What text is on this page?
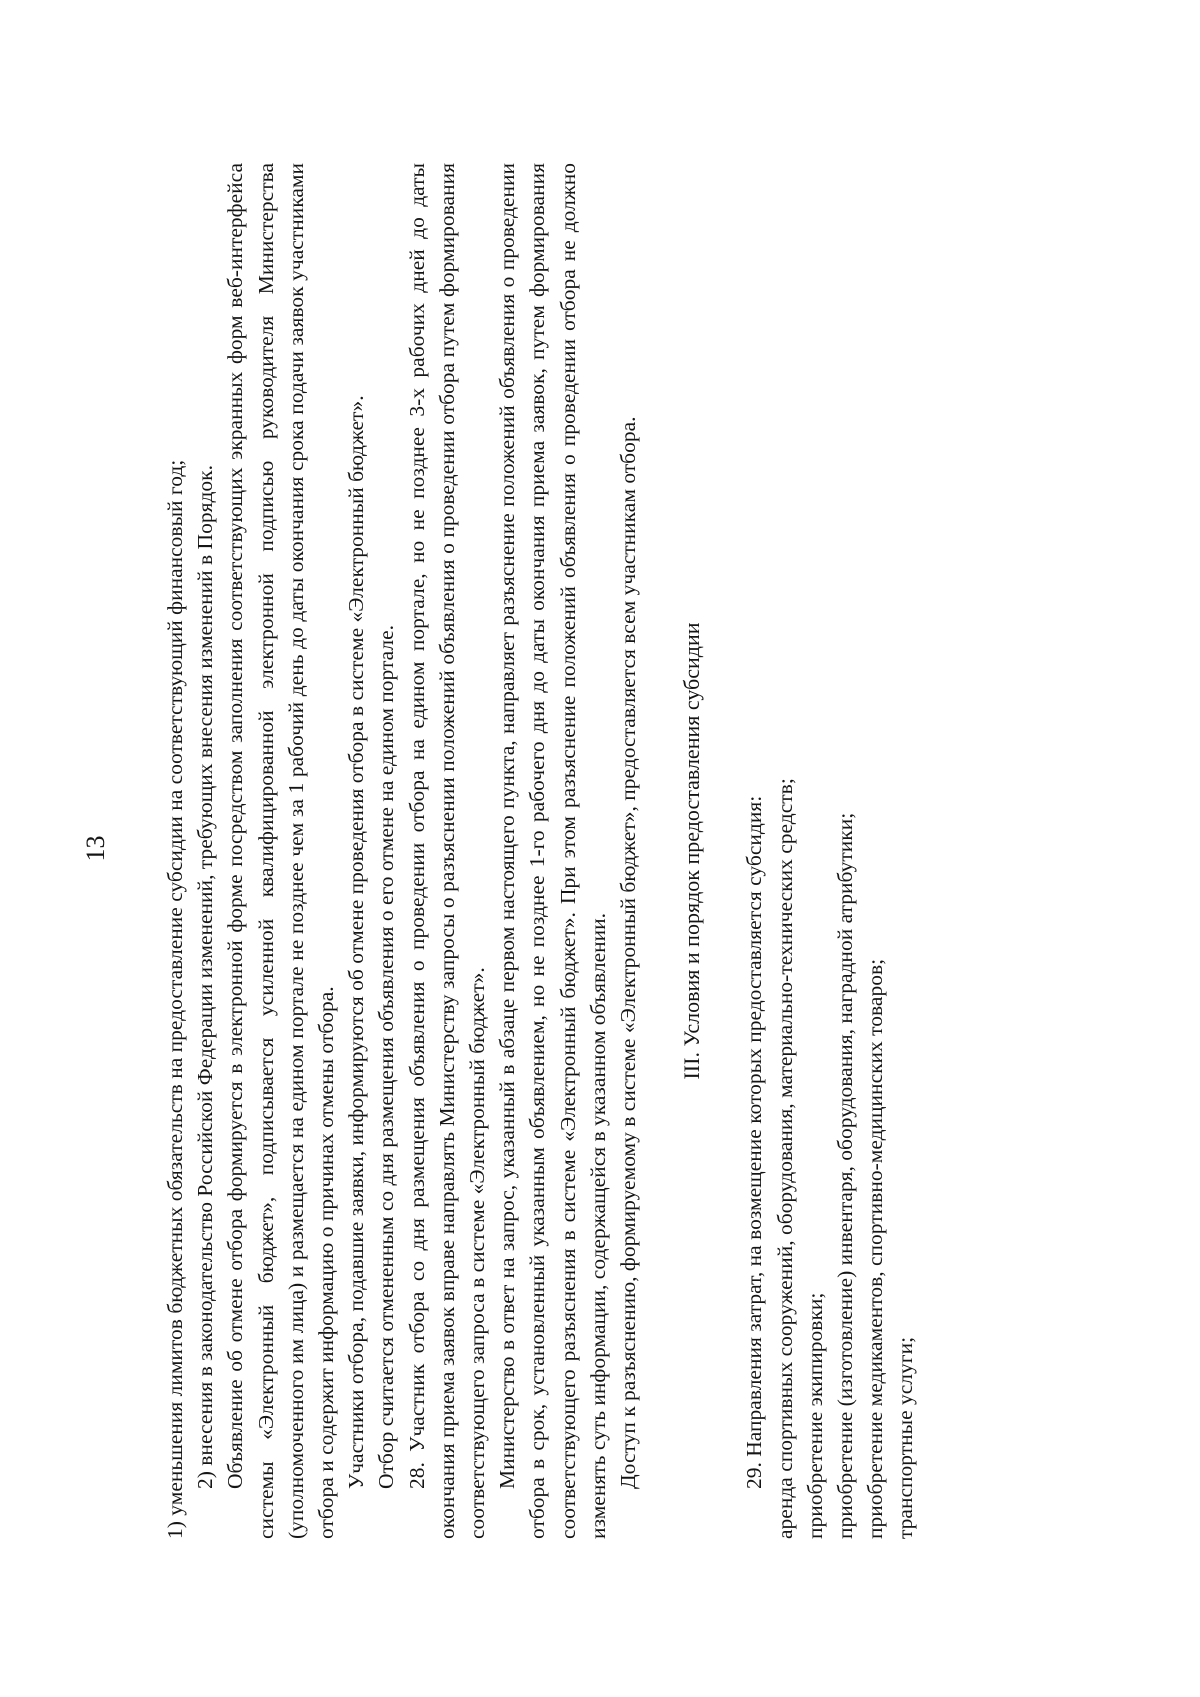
13 1) уменьшения лимитов бюджетных обязательств на предоставление субсидии на соответствующий финансовый год; 2) внесения в законодательство Российской Федерации изменений, требующих внесения изменений в Порядок. Объявление об отмене отбора формируется в электронной форме посредством заполнения соответствующих экранных форм веб-интерфейса системы «Электронный бюджет», подписывается усиленной квалифицированной электронной подписью руководителя Министерства (уполномоченного им лица) и размещается на едином портале не позднее чем за 1 рабочий день до даты окончания срока подачи заявок участниками отбора и содержит информацию о причинах отмены отбора. Участники отбора, подавшие заявки, информируются об отмене проведения отбора в системе «Электронный бюджет». Отбор считается отмененным со дня размещения объявления о его отмене на едином портале. 28. Участник отбора со дня размещения объявления о проведении отбора на едином портале, но не позднее 3-х рабочих дней до даты окончания приема заявок вправе направлять Министерству запросы о разъяснении положений объявления о проведении отбора путем формирования соответствующего запроса в системе «Электронный бюджет». Министерство в ответ на запрос, указанный в абзаце первом настоящего пункта, направляет разъяснение положений объявления о проведении отбора в срок, установленный указанным объявлением, но не позднее 1-го рабочего дня до даты окончания приема заявок, путем формирования соответствующего разъяснения в системе «Электронный бюджет». При этом разъяснение положений объявления о проведении отбора не должно изменять суть информации, содержащейся в указанном объявлении. Доступ к разъяснению, формируемому в системе «Электронный бюджет», предоставляется всем участникам отбора. III. Условия и порядок предоставления субсидии 29. Направления затрат, на возмещение которых предоставляется субсидия: аренда спортивных сооружений, оборудования, материально-технических средств; приобретение экипировки; приобретение (изготовление) инвентаря, оборудования, наградной атрибутики; приобретение медикаментов, спортивно-медицинских товаров; транспортные услуги;
